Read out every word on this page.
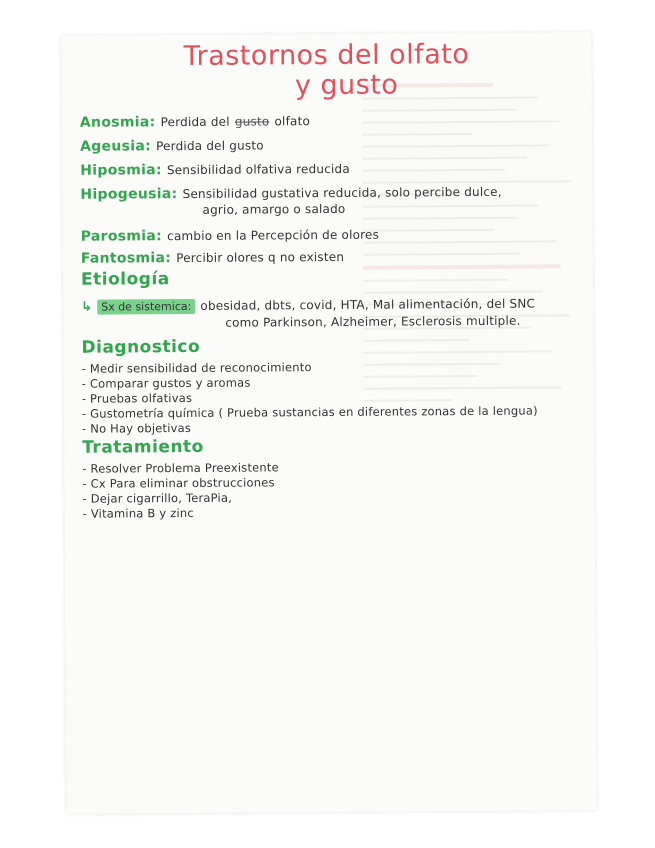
Trastornos del olfato
y gusto
Anosmia: Perdida del gusto olfato
Ageusia: Perdida del gusto
Hiposmia: Sensibilidad olfativa reducida
Hipogeusia: Sensibilidad gustativa reducida, solo percibe dulce,
agrio, amargo o salado
Parosmia: cambio en la Percepción de olores
Fantosmia: Percibir olores q no existen
Etiología
↳ Sx de sistemica: obesidad, dbts, covid, HTA, Mal alimentación, del SNC
como Parkinson, Alzheimer, Esclerosis multiple.
Diagnostico
- Medir sensibilidad de reconocimiento
- Comparar gustos y aromas
- Pruebas olfativas
- Gustometría química ( Prueba sustancias en diferentes zonas de la lengua)
- No Hay objetivas
Tratamiento
- Resolver Problema Preexistente
- Cx Para eliminar obstrucciones
- Dejar cigarrillo, TeraPia,
- Vitamina B y zinc
